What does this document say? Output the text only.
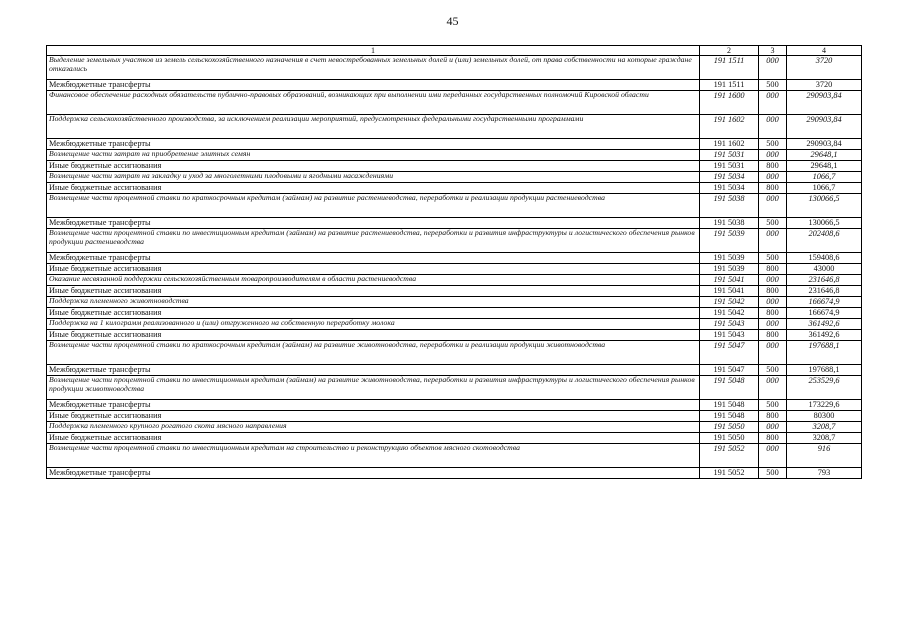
45
1	2	3	4
Выделение земельных участков из земель сельскохозяйственного назначения в счет невостребованных земельных долей и (или) земельных долей, от права собственности на которые граждане отказались	191 1511	000	3720
Межбюджетные трансферты	191 1511	500	3720
Финансовое обеспечение расходных обязательств публично-правовых образований, возникающих при выполнении ими переданных государственных полномочий Кировской области	191 1600	000	290903,84
Поддержка сельскохозяйственного производства, за исключением реализации мероприятий, предусмотренных федеральными государственными программами	191 1602	000	290903,84
Межбюджетные трансферты	191 1602	500	290903,84
Возмещение части затрат на приобретение элитных семян	191 5031	000	29648,1
Иные бюджетные ассигнования	191 5031	800	29648,1
Возмещение части затрат на закладку и уход за многолетними плодовыми и ягодными насаждениями	191 5034	000	1066,7
Иные бюджетные ассигнования	191 5034	800	1066,7
Возмещение части процентной ставки по краткосрочным кредитам (займам) на развитие растениеводства, переработки и реализации продукции растениеводства	191 5038	000	130066,5
Межбюджетные трансферты	191 5038	500	130066,5
Возмещение части процентной ставки по инвестиционным кредитам (займам) на развитие растениеводства, переработки и развития инфраструктуры и логистического обеспечения рынков продукции растениеводства	191 5039	000	202408,6
Межбюджетные трансферты	191 5039	500	159408,6
Иные бюджетные ассигнования	191 5039	800	43000
Оказание несвязанной поддержки сельскохозяйственным товаропроизводителям в области растениеводства	191 5041	000	231646,8
Иные бюджетные ассигнования	191 5041	800	231646,8
Поддержка племенного животноводства	191 5042	000	166674,9
Иные бюджетные ассигнования	191 5042	800	166674,9
Поддержка на 1 килограмм реализованного и (или) отгруженного на собственную переработку молока	191 5043	000	361492,6
Иные бюджетные ассигнования	191 5043	800	361492,6
Возмещение части процентной ставки по краткосрочным кредитам (займам) на развитие животноводства, переработки и реализации продукции животноводства	191 5047	000	197688,1
Межбюджетные трансферты	191 5047	500	197688,1
Возмещение части процентной ставки по инвестиционным кредитам (займам) на развитие животноводства, переработки и развития инфраструктуры и логистического обеспечения рынков продукции животноводства	191 5048	000	253529,6
Межбюджетные трансферты	191 5048	500	173229,6
Иные бюджетные ассигнования	191 5048	800	80300
Поддержка племенного крупного рогатого скота мясного направления	191 5050	000	3208,7
Иные бюджетные ассигнования	191 5050	800	3208,7
Возмещение части процентной ставки по инвестиционным кредитам на строительство и реконструкцию объектов мясного скотоводства	191 5052	000	916
Межбюджетные трансферты	191 5052	500	793
